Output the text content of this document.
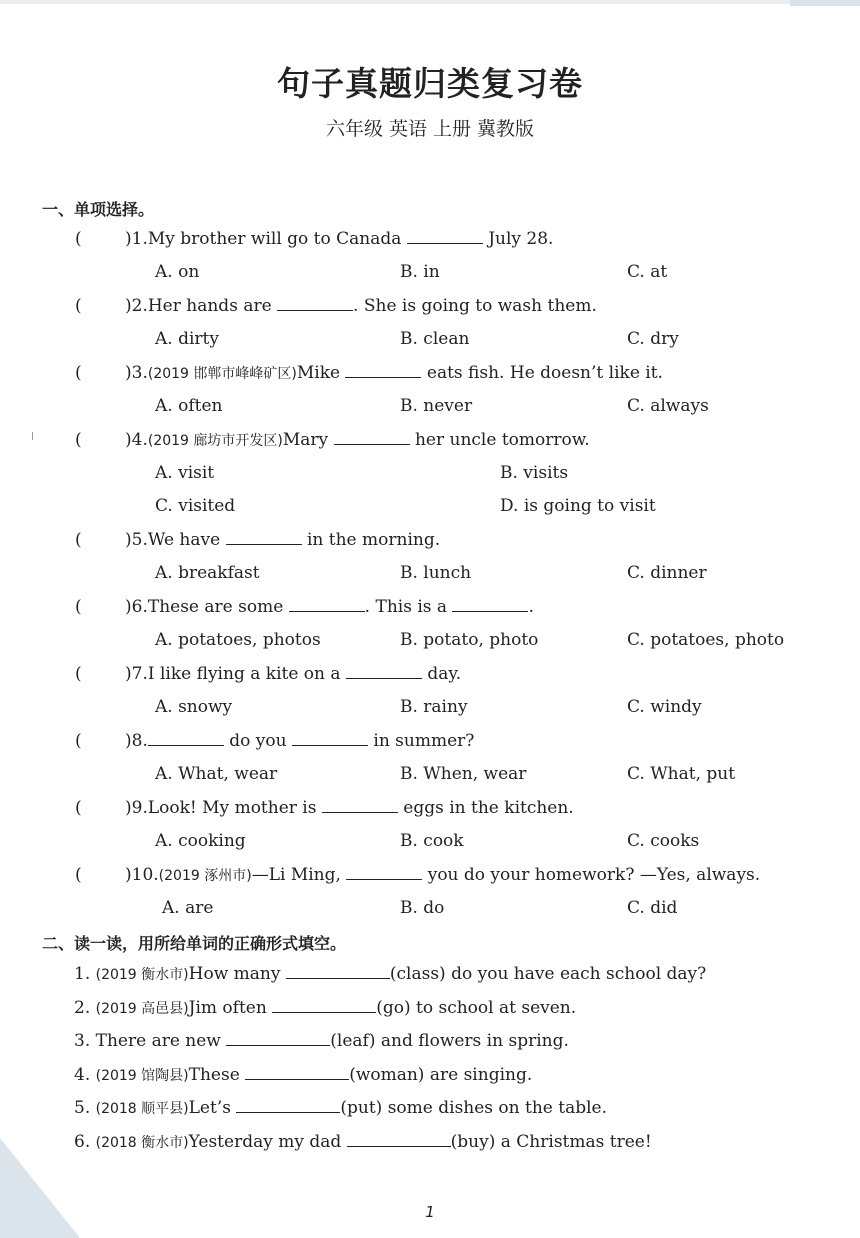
句子真题归类复习卷
六年级 英语 上册 冀教版
一、单项选择。
(	)1.My brother will go to Canada	July 28.
A. on	B. in	C. at
(	)2.Her hands are	. She is going to wash them.
A. dirty	B. clean	C. dry
(	)3.(2019 邯郸市峰峰矿区)Mike	eats fish. He doesn’t like it.
A. often	B. never	C. always
(	)4.(2019 廊坊市开发区)Mary	her uncle tomorrow.
A. visit	B. visits
C. visited	D. is going to visit
(	)5.We have	in the morning.
A. breakfast	B. lunch	C. dinner
(	)6.These are some	. This is a	.
A. potatoes, photos	B. potato, photo	C. potatoes, photo
(	)7.I like flying a kite on a	day.
A. snowy	B. rainy	C. windy
(	)8.	do you	in summer?
A. What, wear	B. When, wear	C. What, put
(	)9.Look! My mother is	eggs in the kitchen.
A. cooking	B. cook	C. cooks
(	)10.(2019 涿州市)—Li Ming,	you do your homework? —Yes, always.
A. are	B. do	C. did
二、读一读，用所给单词的正确形式填空。
1. (2019 衡水市)How many	(class) do you have each school day?
2. (2019 高邑县)Jim often	(go) to school at seven.
3. There are new	(leaf) and flowers in spring.
4. (2019 馆陶县)These	(woman) are singing.
5. (2018 顺平县)Let’s	(put) some dishes on the table.
6. (2018 衡水市)Yesterday my dad	(buy) a Christmas tree!
1
